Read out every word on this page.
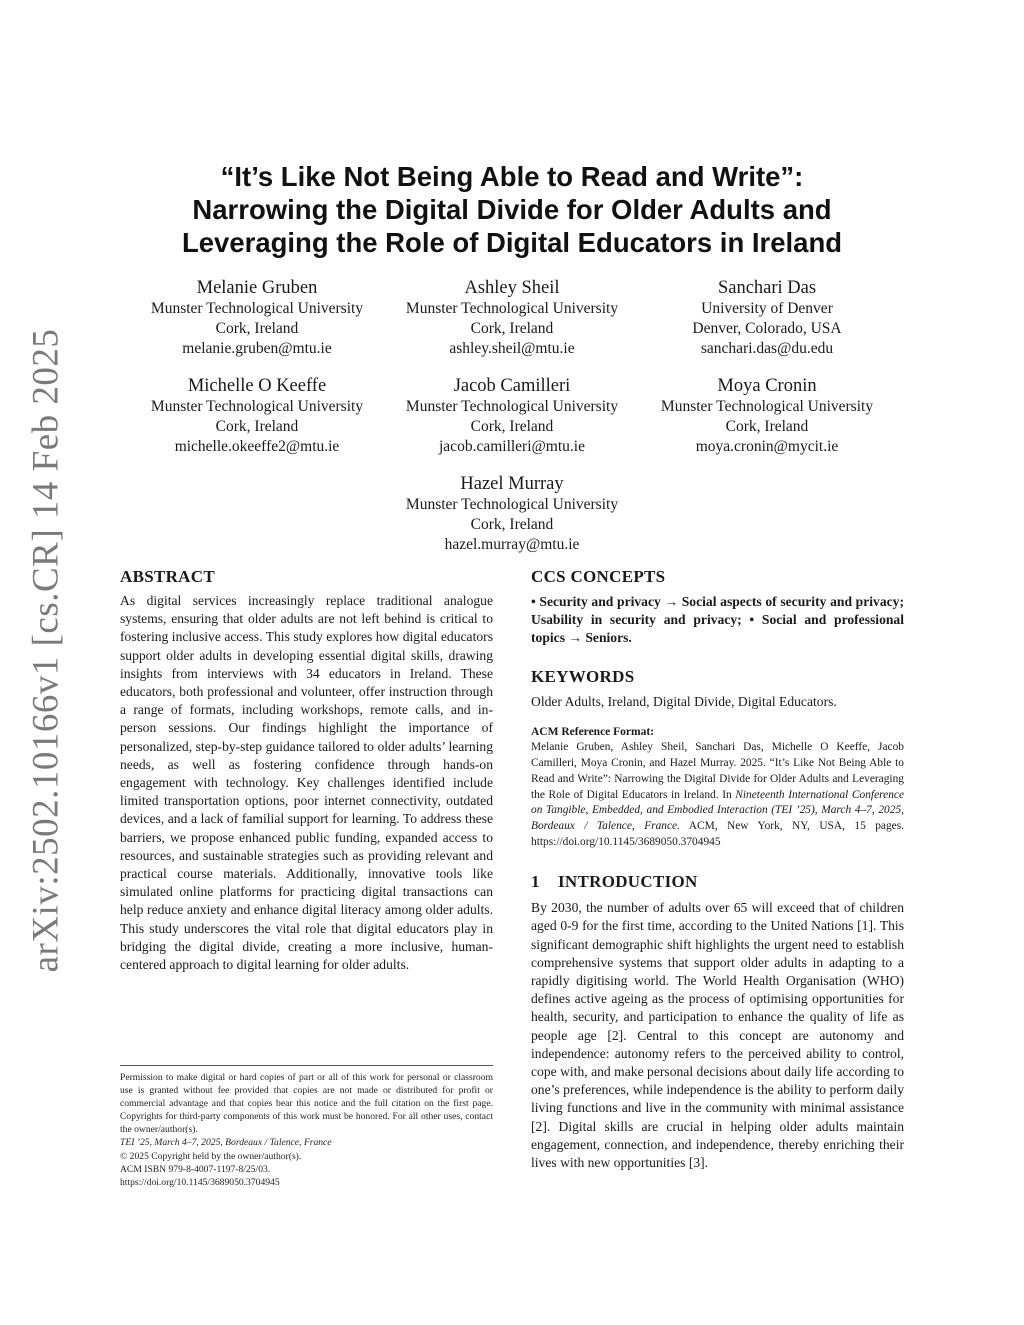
arXiv:2502.10166v1 [cs.CR] 14 Feb 2025
“It’s Like Not Being Able to Read and Write”:
Narrowing the Digital Divide for Older Adults and
Leveraging the Role of Digital Educators in Ireland
Melanie Gruben
Munster Technological University
Cork, Ireland
melanie.gruben@mtu.ie
Ashley Sheil
Munster Technological University
Cork, Ireland
ashley.sheil@mtu.ie
Sanchari Das
University of Denver
Denver, Colorado, USA
sanchari.das@du.edu
Michelle O Keeffe
Munster Technological University
Cork, Ireland
michelle.okeeffe2@mtu.ie
Jacob Camilleri
Munster Technological University
Cork, Ireland
jacob.camilleri@mtu.ie
Moya Cronin
Munster Technological University
Cork, Ireland
moya.cronin@mycit.ie
Hazel Murray
Munster Technological University
Cork, Ireland
hazel.murray@mtu.ie
ABSTRACT

As digital services increasingly replace traditional analogue systems, ensuring that older adults are not left behind is critical to fostering inclusive access. This study explores how digital educators support older adults in developing essential digital skills, drawing insights from interviews with 34 educators in Ireland. These educators, both professional and volunteer, offer instruction through a range of formats, including workshops, remote calls, and in-person sessions. Our findings highlight the importance of personalized, step-by-step guidance tailored to older adults’ learning needs, as well as fostering confidence through hands-on engagement with technology. Key challenges identified include limited transportation options, poor internet connectivity, outdated devices, and a lack of familial support for learning. To address these barriers, we propose enhanced public funding, expanded access to resources, and sustainable strategies such as providing relevant and practical course materials. Additionally, innovative tools like simulated online platforms for practicing digital transactions can help reduce anxiety and enhance digital literacy among older adults. This study underscores the vital role that digital educators play in bridging the digital divide, creating a more inclusive, human-centered approach to digital learning for older adults.

CCS CONCEPTS

• Security and privacy → Social aspects of security and privacy; Usability in security and privacy; • Social and professional topics → Seniors.

KEYWORDS

Older Adults, Ireland, Digital Divide, Digital Educators.

ACM Reference Format:

Melanie Gruben, Ashley Sheil, Sanchari Das, Michelle O Keeffe, Jacob Camilleri, Moya Cronin, and Hazel Murray. 2025. “It’s Like Not Being Able to Read and Write”: Narrowing the Digital Divide for Older Adults and Leveraging the Role of Digital Educators in Ireland. In Nineteenth International Conference on Tangible, Embedded, and Embodied Interaction (TEI ’25), March 4–7, 2025, Bordeaux / Talence, France. ACM, New York, NY, USA, 15 pages. https://doi.org/10.1145/3689050.3704945

1    INTRODUCTION

By 2030, the number of adults over 65 will exceed that of children aged 0-9 for the first time, according to the United Nations [1]. This significant demographic shift highlights the urgent need to establish comprehensive systems that support older adults in adapting to a rapidly digitising world. The World Health Organisation (WHO) defines active ageing as the process of optimising opportunities for health, security, and participation to enhance the quality of life as people age [2]. Central to this concept are autonomy and independence: autonomy refers to the perceived ability to control, cope with, and make personal decisions about daily life according to one’s preferences, while independence is the ability to perform daily living functions and live in the community with minimal assistance [2]. Digital skills are crucial in helping older adults maintain engagement, connection, and independence, thereby enriching their lives with new opportunities [3].

Permission to make digital or hard copies of part or all of this work for personal or classroom use is granted without fee provided that copies are not made or distributed for profit or commercial advantage and that copies bear this notice and the full citation on the first page. Copyrights for third-party components of this work must be honored. For all other uses, contact the owner/author(s).

TEI ’25, March 4–7, 2025, Bordeaux / Talence, France
© 2025 Copyright held by the owner/author(s).
ACM ISBN 979-8-4007-1197-8/25/03.
https://doi.org/10.1145/3689050.3704945
